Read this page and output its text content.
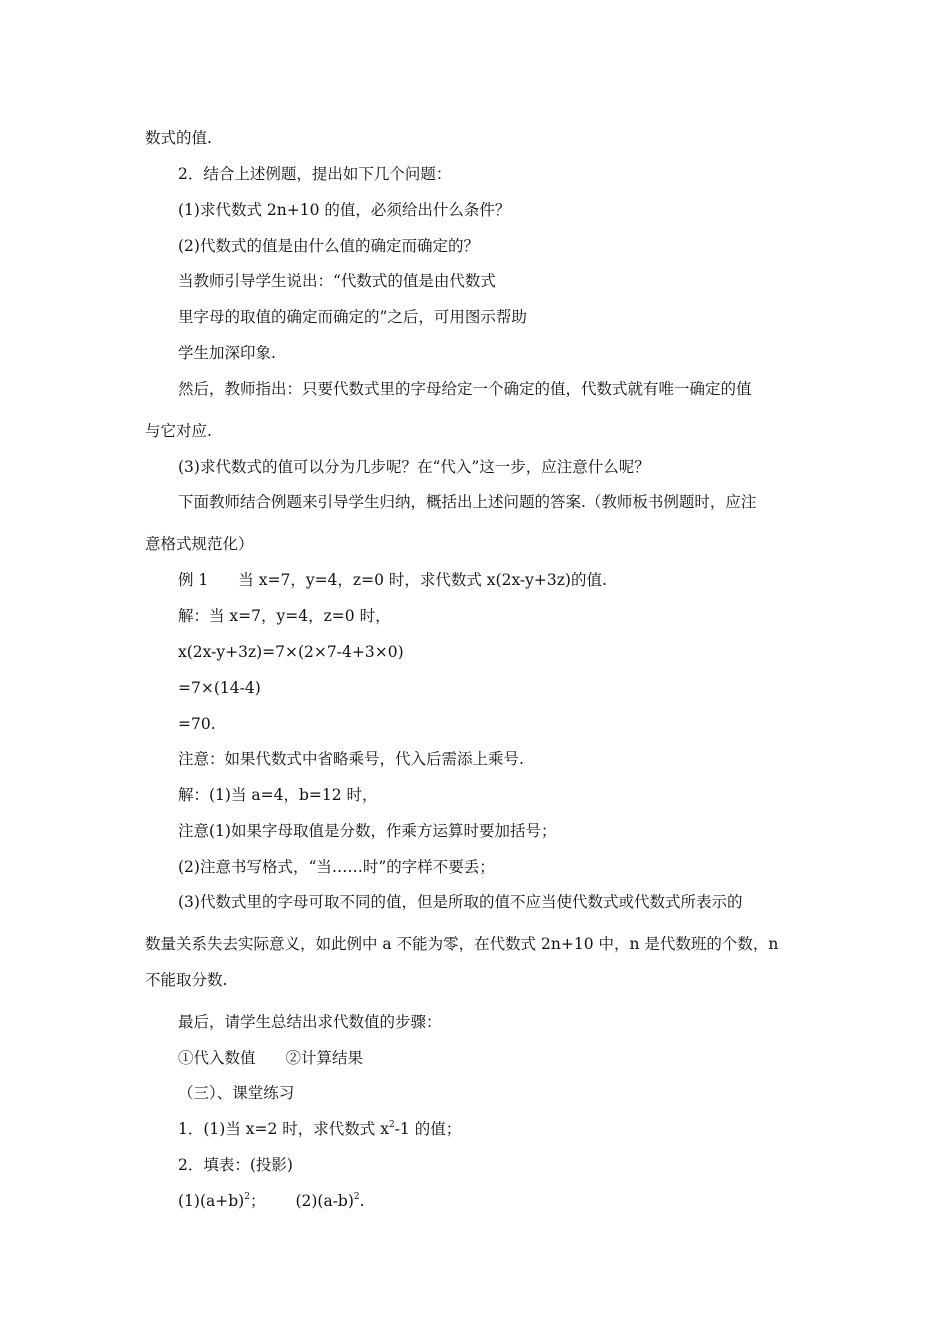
数式的值.

2．结合上述例题，提出如下几个问题：

(1)求代数式 2n+10 的值，必须给出什么条件？

(2)代数式的值是由什么值的确定而确定的？

当教师引导学生说出：“代数式的值是由代数式

里字母的取值的确定而确定的”之后，可用图示帮助

学生加深印象.

然后，教师指出：只要代数式里的字母给定一个确定的值，代数式就有唯一确定的值

与它对应.

(3)求代数式的值可以分为几步呢？在“代入”这一步，应注意什么呢？

下面教师结合例题来引导学生归纳，概括出上述问题的答案.（教师板书例题时，应注

意格式规范化）

例 1 当 x=7，y=4，z=0 时，求代数式 x(2x-y+3z)的值.

解：当 x=7，y=4，z=0 时，

x(2x-y+3z)=7×(2×7-4+3×0)

=7×(14-4)

=70.

注意：如果代数式中省略乘号，代入后需添上乘号.

解：(1)当 a=4，b=12 时，

注意(1)如果字母取值是分数，作乘方运算时要加括号；

(2)注意书写格式，“当……时”的字样不要丢；

(3)代数式里的字母可取不同的值，但是所取的值不应当使代数式或代数式所表示的

数量关系失去实际意义，如此例中 a 不能为零，在代数式 2n+10 中，n 是代数班的个数，n

不能取分数.

最后，请学生总结出求代数值的步骤：

①代入数值 ②计算结果

（三）、课堂练习

1．(1)当 x=2 时，求代数式 $x^2-1$ 的值；

2．填表：(投影)

$(1)(a+b)^2$； $(2)(a-b)^2$.
